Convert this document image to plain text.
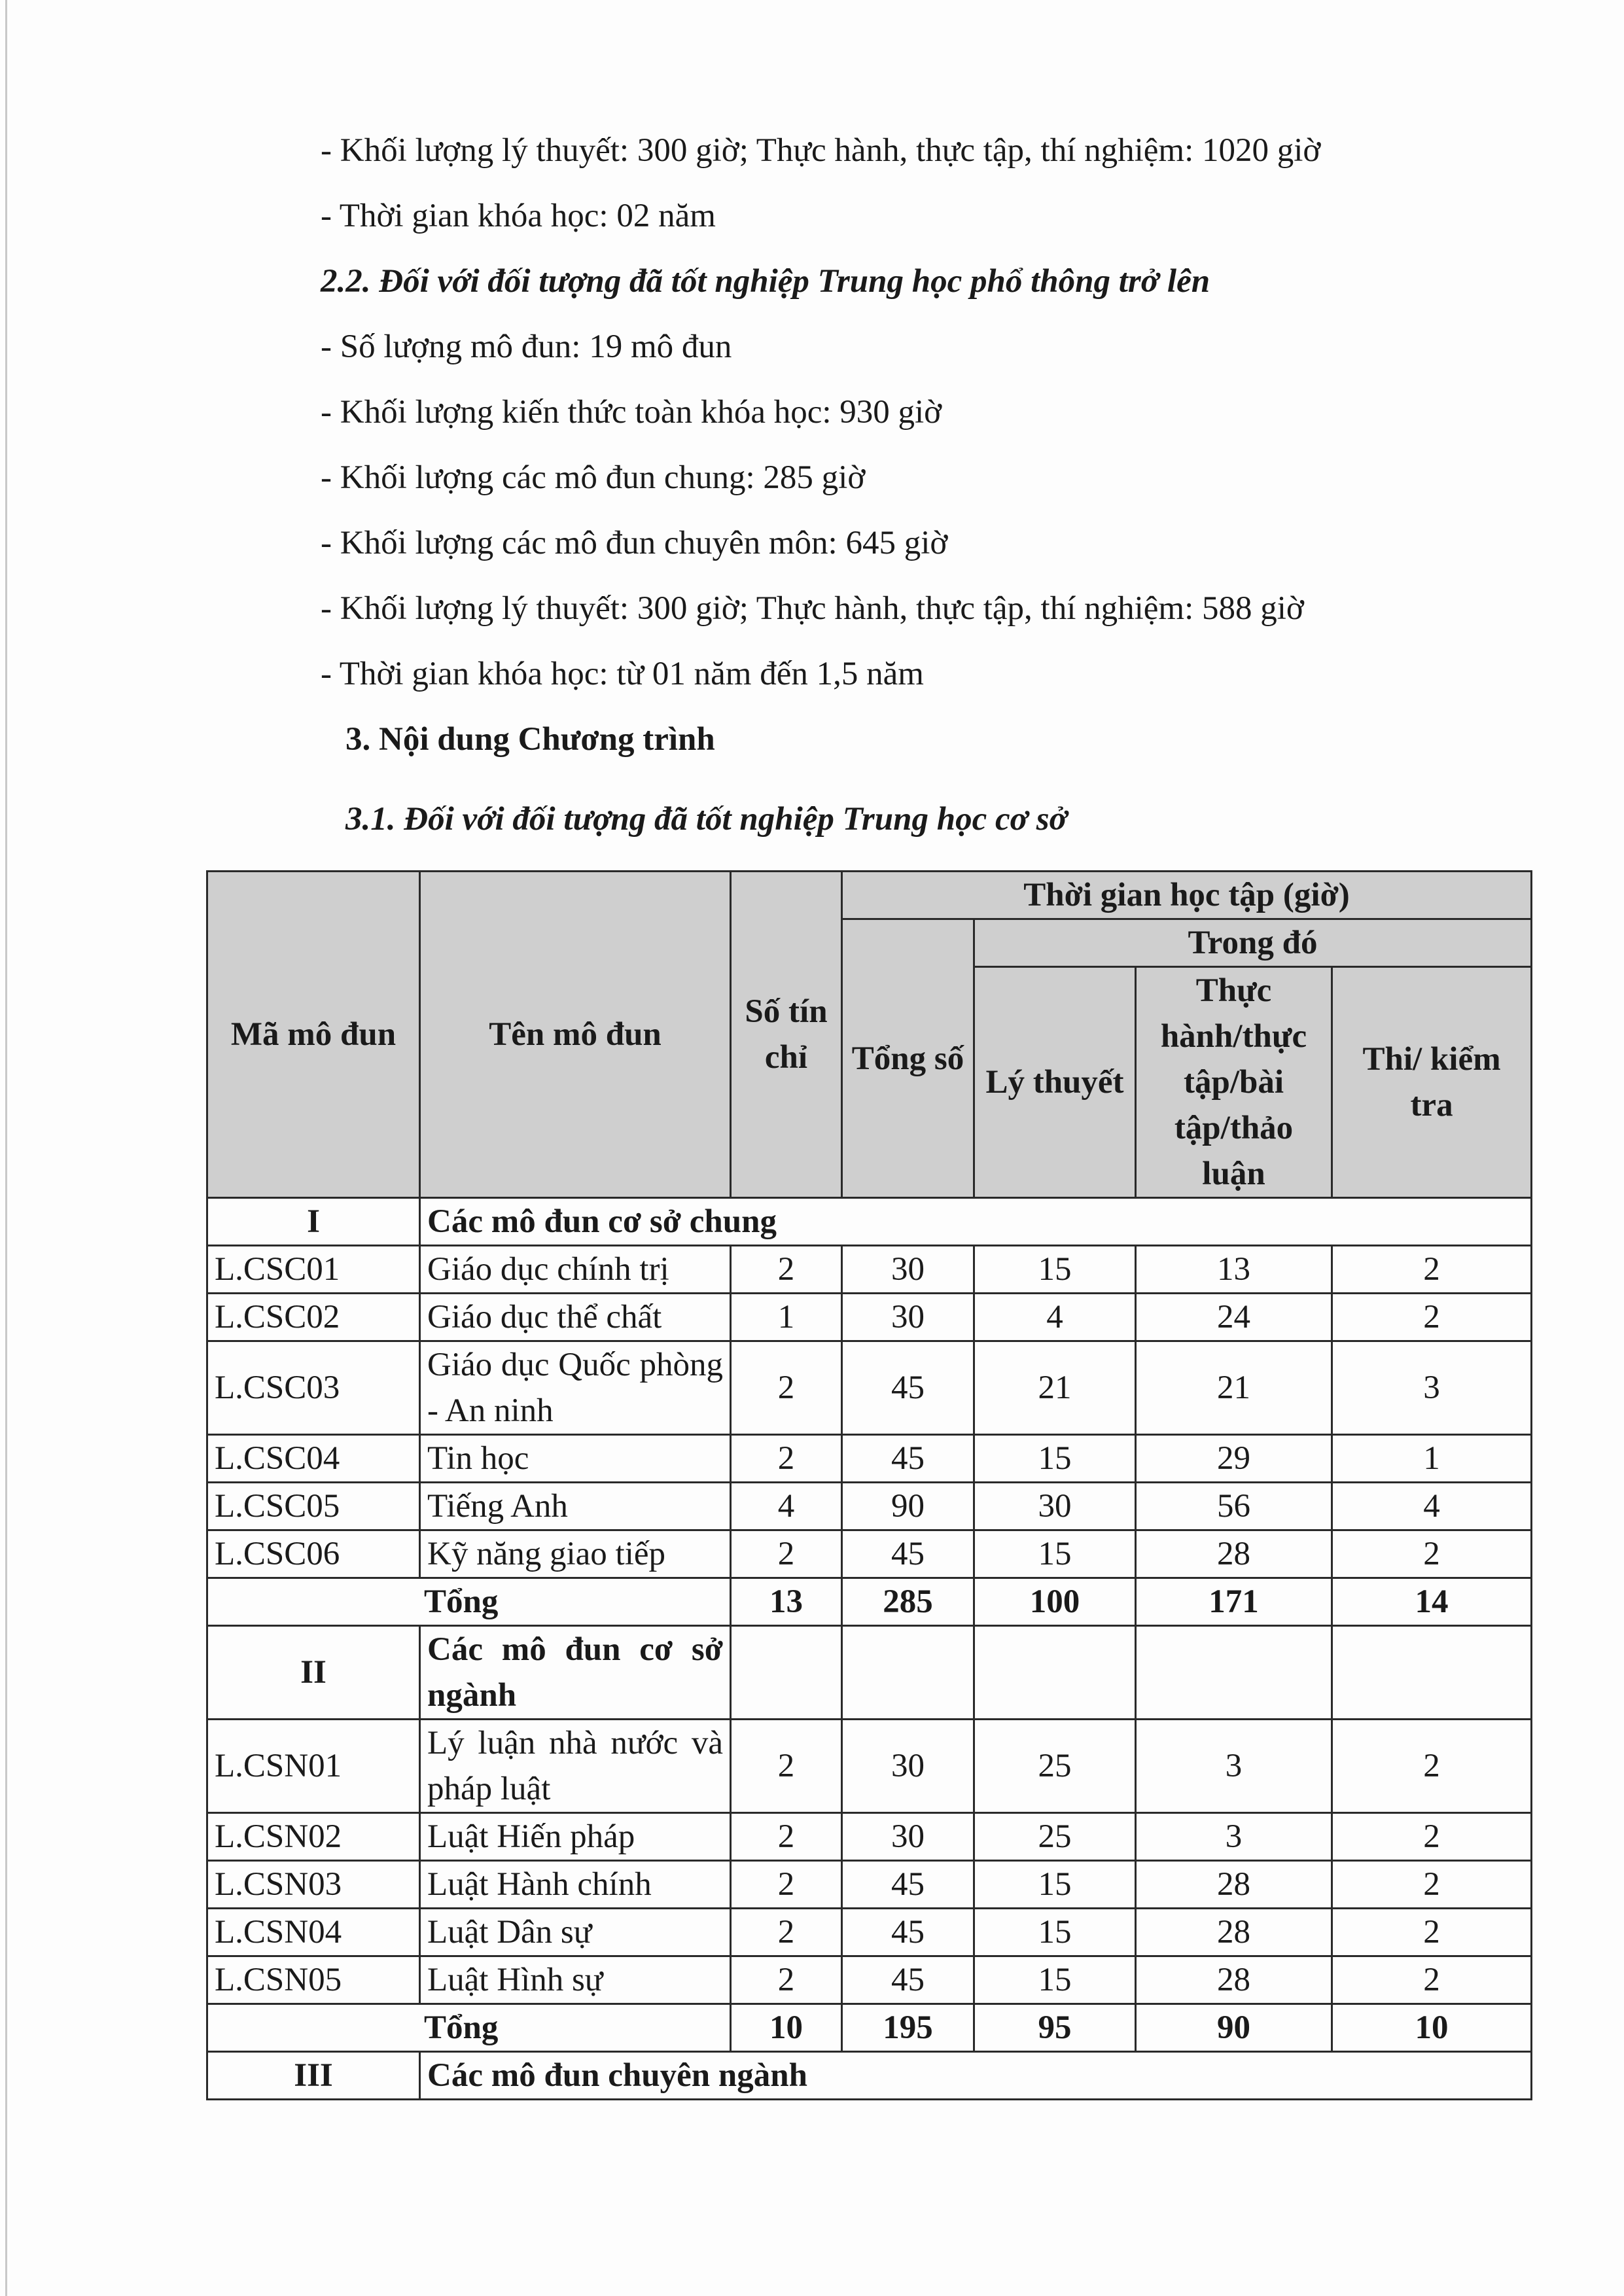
- Khối lượng lý thuyết: 300 giờ; Thực hành, thực tập, thí nghiệm: 1020 giờ
- Thời gian khóa học: 02 năm
2.2. Đối với đối tượng đã tốt nghiệp Trung học phổ thông trở lên
- Số lượng mô đun: 19 mô đun
- Khối lượng kiến thức toàn khóa học: 930 giờ
- Khối lượng các mô đun chung: 285 giờ
- Khối lượng các mô đun chuyên môn: 645 giờ
- Khối lượng lý thuyết: 300 giờ; Thực hành, thực tập, thí nghiệm: 588 giờ
- Thời gian khóa học: từ 01 năm đến 1,5 năm
3. Nội dung Chương trình
3.1. Đối với đối tượng đã tốt nghiệp Trung học cơ sở
Mã mô đun	Tên mô đun	Số tín chỉ	Thời gian học tập (giờ)			
			Tổng số	Trong đó		
				Lý thuyết	Thực hành/thực tập/bài tập/thảo luận	Thi/ kiểm tra
I	Các mô đun cơ sở chung					
L.CSC01	Giáo dục chính trị	2	30	15	13	2
L.CSC02	Giáo dục thể chất	1	30	4	24	2
L.CSC03	Giáo dục Quốc phòng - An ninh	2	45	21	21	3
L.CSC04	Tin học	2	45	15	29	1
L.CSC05	Tiếng Anh	4	90	30	56	4
L.CSC06	Kỹ năng giao tiếp	2	45	15	28	2
Tổng		13	285	100	171	14
II	Các mô đun cơ sở ngành					
L.CSN01	Lý luận nhà nước và pháp luật	2	30	25	3	2
L.CSN02	Luật Hiến pháp	2	30	25	3	2
L.CSN03	Luật Hành chính	2	45	15	28	2
L.CSN04	Luật Dân sự	2	45	15	28	2
L.CSN05	Luật Hình sự	2	45	15	28	2
Tổng		10	195	95	90	10
III	Các mô đun chuyên ngành					
